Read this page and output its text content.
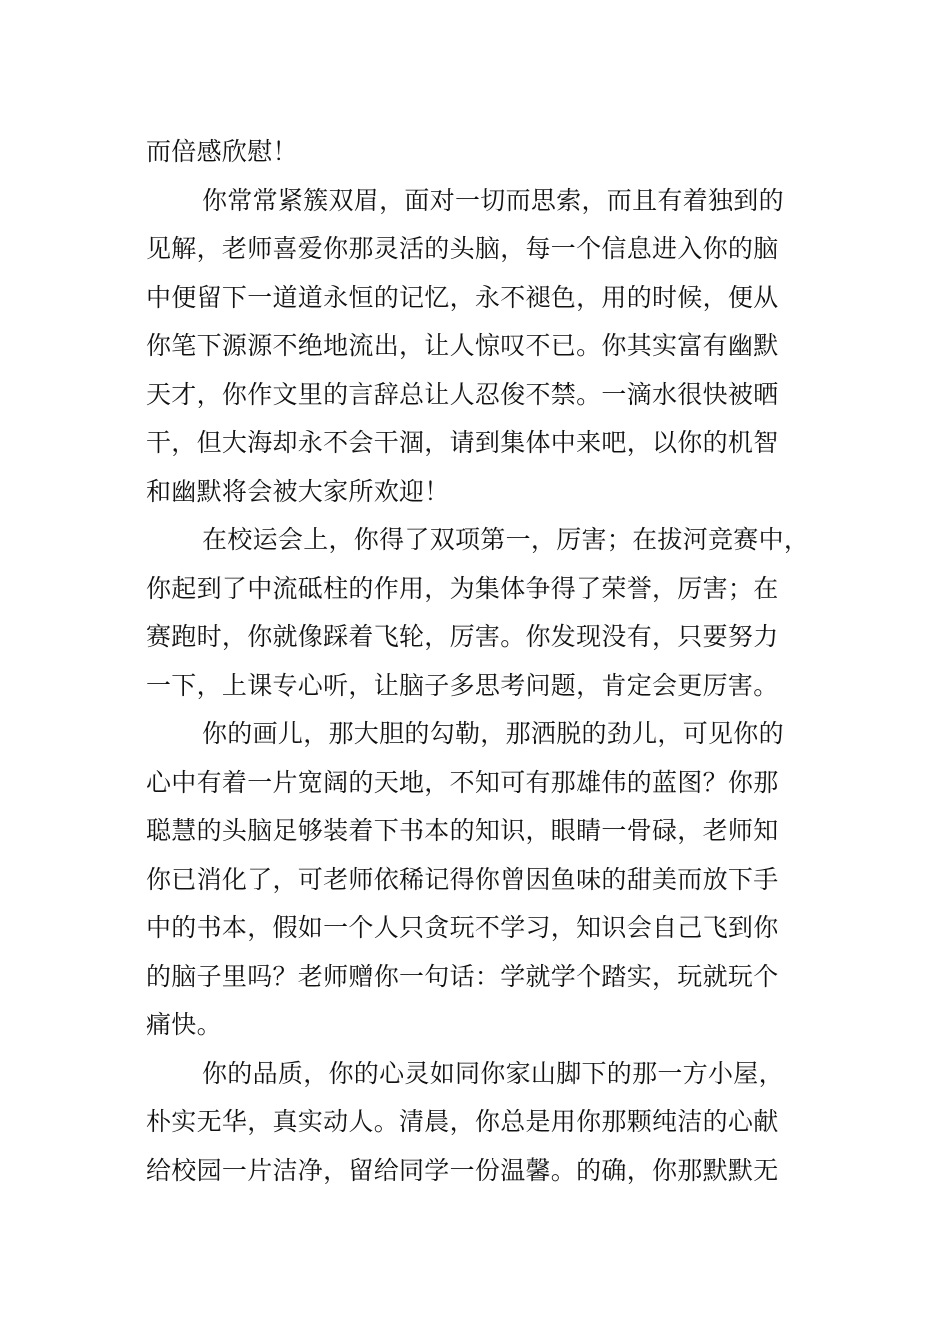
而倍感欣慰！
你常常紧簇双眉，面对一切而思索，而且有着独到的
见解，老师喜爱你那灵活的头脑，每一个信息进入你的脑
中便留下一道道永恒的记忆，永不褪色，用的时候，便从
你笔下源源不绝地流出，让人惊叹不已。你其实富有幽默
天才，你作文里的言辞总让人忍俊不禁。一滴水很快被晒
干，但大海却永不会干涸，请到集体中来吧，以你的机智
和幽默将会被大家所欢迎！
在校运会上，你得了双项第一，厉害；在拔河竞赛中，
你起到了中流砥柱的作用，为集体争得了荣誉，厉害；在
赛跑时，你就像踩着飞轮，厉害。你发现没有，只要努力
一下，上课专心听，让脑子多思考问题，肯定会更厉害。
你的画儿，那大胆的勾勒，那洒脱的劲儿，可见你的
心中有着一片宽阔的天地，不知可有那雄伟的蓝图？你那
聪慧的头脑足够装着下书本的知识，眼睛一骨碌，老师知
你已消化了，可老师依稀记得你曾因鱼味的甜美而放下手
中的书本，假如一个人只贪玩不学习，知识会自己飞到你
的脑子里吗？老师赠你一句话：学就学个踏实，玩就玩个
痛快。
你的品质，你的心灵如同你家山脚下的那一方小屋，
朴实无华，真实动人。清晨，你总是用你那颗纯洁的心献
给校园一片洁净，留给同学一份温馨。的确，你那默默无
